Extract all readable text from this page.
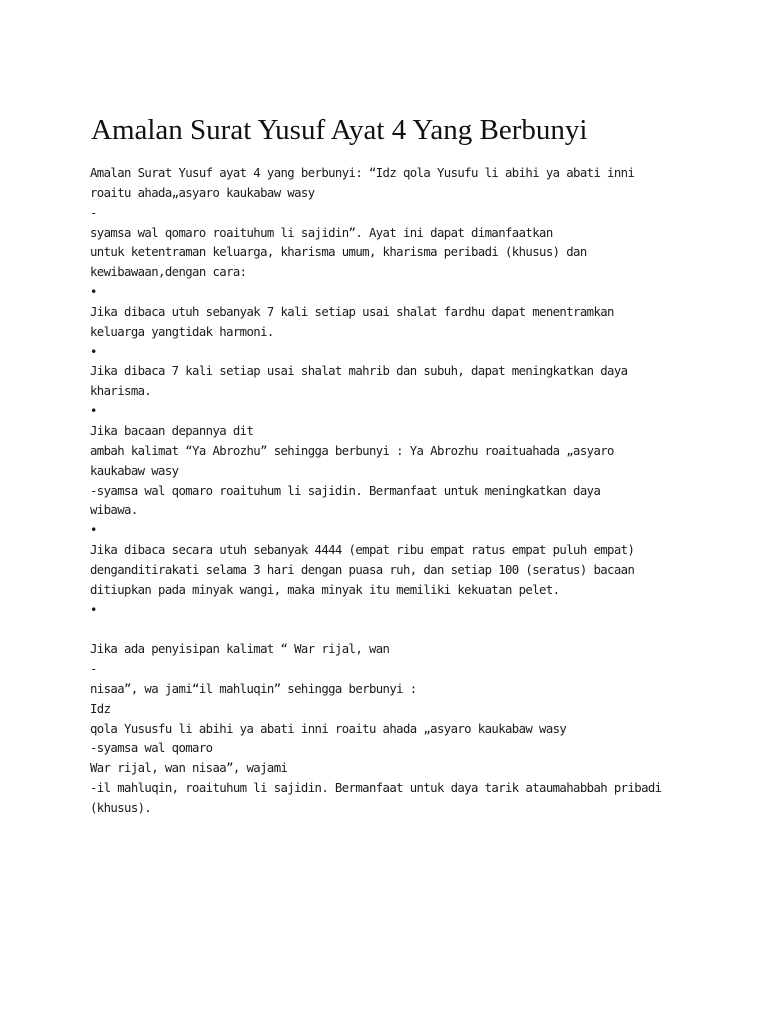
Amalan Surat Yusuf Ayat 4 Yang Berbunyi
Amalan Surat Yusuf ayat 4 yang berbunyi: “Idz qola Yusufu li abihi ya abati inni
roaitu ahada„asyaro kaukabaw wasy
-
syamsa wal qomaro roaituhum li sajidin”. Ayat ini dapat dimanfaatkan
untuk ketentraman keluarga, kharisma umum, kharisma peribadi (khusus) dan
kewibawaan,dengan cara:
•
Jika dibaca utuh sebanyak 7 kali setiap usai shalat fardhu dapat menentramkan
keluarga yangtidak harmoni.
•
Jika dibaca 7 kali setiap usai shalat mahrib dan subuh, dapat meningkatkan daya
kharisma.
•
Jika bacaan depannya dit
ambah kalimat “Ya Abrozhu” sehingga berbunyi : Ya Abrozhu roaituahada „asyaro
kaukabaw wasy
-syamsa wal qomaro roaituhum li sajidin. Bermanfaat untuk meningkatkan daya
wibawa.
•
Jika dibaca secara utuh sebanyak 4444 (empat ribu empat ratus empat puluh empat)
denganditirakati selama 3 hari dengan puasa ruh, dan setiap 100 (seratus) bacaan
ditiupkan pada minyak wangi, maka minyak itu memiliki kekuatan pelet.
•
Jika ada penyisipan kalimat “ War rijal, wan
-
nisaa”, wa jami“il mahluqin” sehingga berbunyi :
Idz
qola Yususfu li abihi ya abati inni roaitu ahada „asyaro kaukabaw wasy
-syamsa wal qomaro
War rijal, wan nisaa”, wajami
-il mahluqin, roaituhum li sajidin. Bermanfaat untuk daya tarik ataumahabbah pribadi
(khusus).
